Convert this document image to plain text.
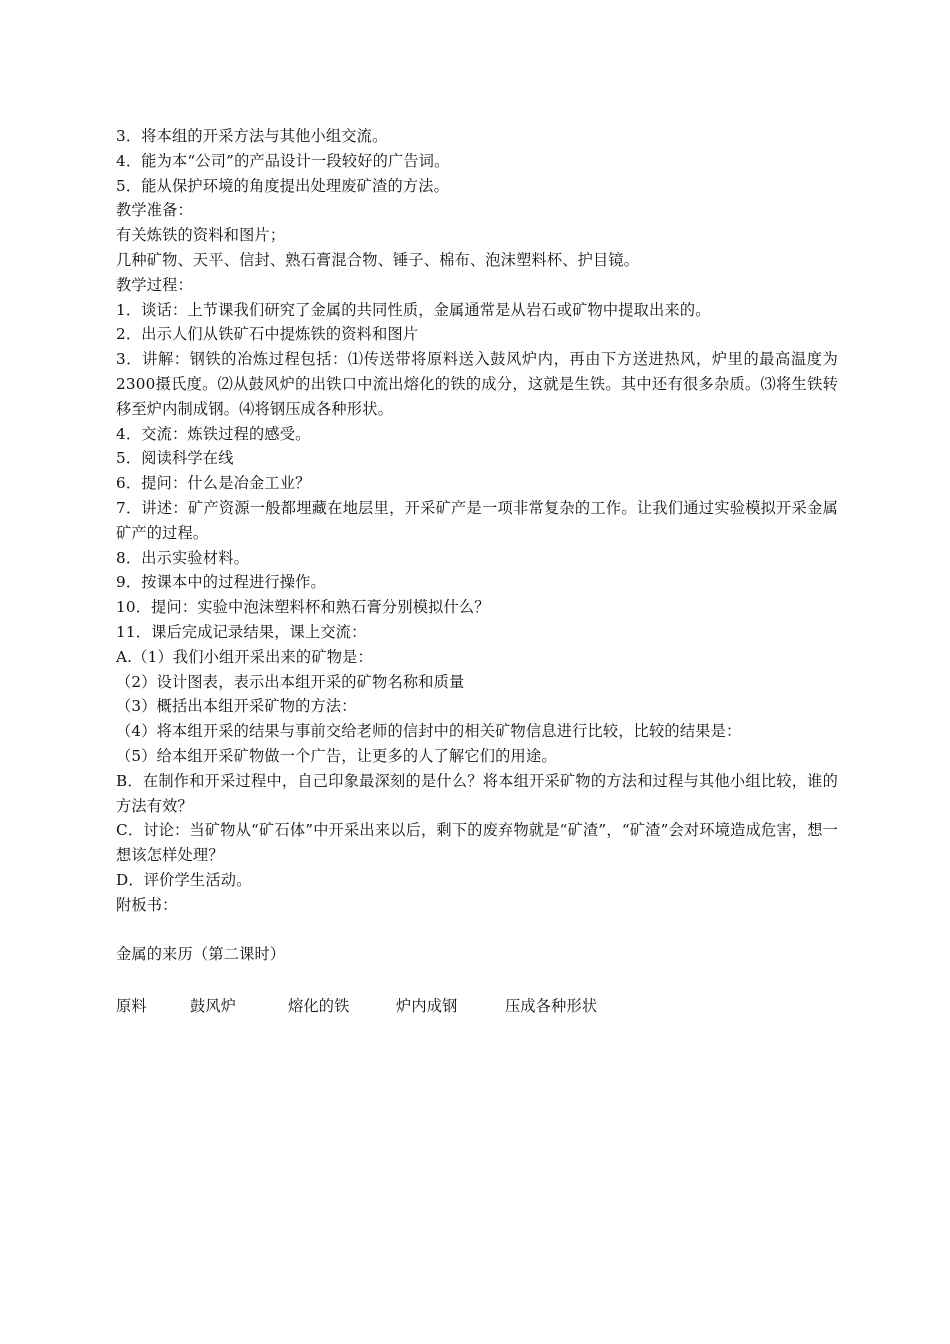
3．将本组的开采方法与其他小组交流。

4．能为本“公司”的产品设计一段较好的广告词。

5．能从保护环境的角度提出处理废矿渣的方法。

教学准备：

有关炼铁的资料和图片；

几种矿物、天平、信封、熟石膏混合物、锤子、棉布、泡沫塑料杯、护目镜。

教学过程：

1．谈话：上节课我们研究了金属的共同性质，金属通常是从岩石或矿物中提取出来的。

2．出示人们从铁矿石中提炼铁的资料和图片

3．讲解：钢铁的冶炼过程包括：⑴传送带将原料送入鼓风炉内，再由下方送进热风，炉里的最高温度为2300摄氏度。⑵从鼓风炉的出铁口中流出熔化的铁的成分，这就是生铁。其中还有很多杂质。⑶将生铁转移至炉内制成钢。⑷将钢压成各种形状。

4．交流：炼铁过程的感受。

5．阅读科学在线

6．提问：什么是冶金工业？

7．讲述：矿产资源一般都埋藏在地层里，开采矿产是一项非常复杂的工作。让我们通过实验模拟开采金属矿产的过程。

8．出示实验材料。

9．按课本中的过程进行操作。

10．提问：实验中泡沫塑料杯和熟石膏分别模拟什么？

11．课后完成记录结果，课上交流：

A.（1）我们小组开采出来的矿物是：

（2）设计图表，表示出本组开采的矿物名称和质量

（3）概括出本组开采矿物的方法：

（4）将本组开采的结果与事前交给老师的信封中的相关矿物信息进行比较，比较的结果是：

（5）给本组开采矿物做一个广告，让更多的人了解它们的用途。

B．在制作和开采过程中，自己印象最深刻的是什么？将本组开采矿物的方法和过程与其他小组比较，谁的方法有效？

C．讨论：当矿物从“矿石体”中开采出来以后，剩下的废弃物就是“矿渣”，“矿渣”会对环境造成危害，想一想该怎样处理？

D．评价学生活动。

附板书：

金属的来历（第二课时）

原料	鼓风炉	熔化的铁	炉内成钢	压成各种形状
